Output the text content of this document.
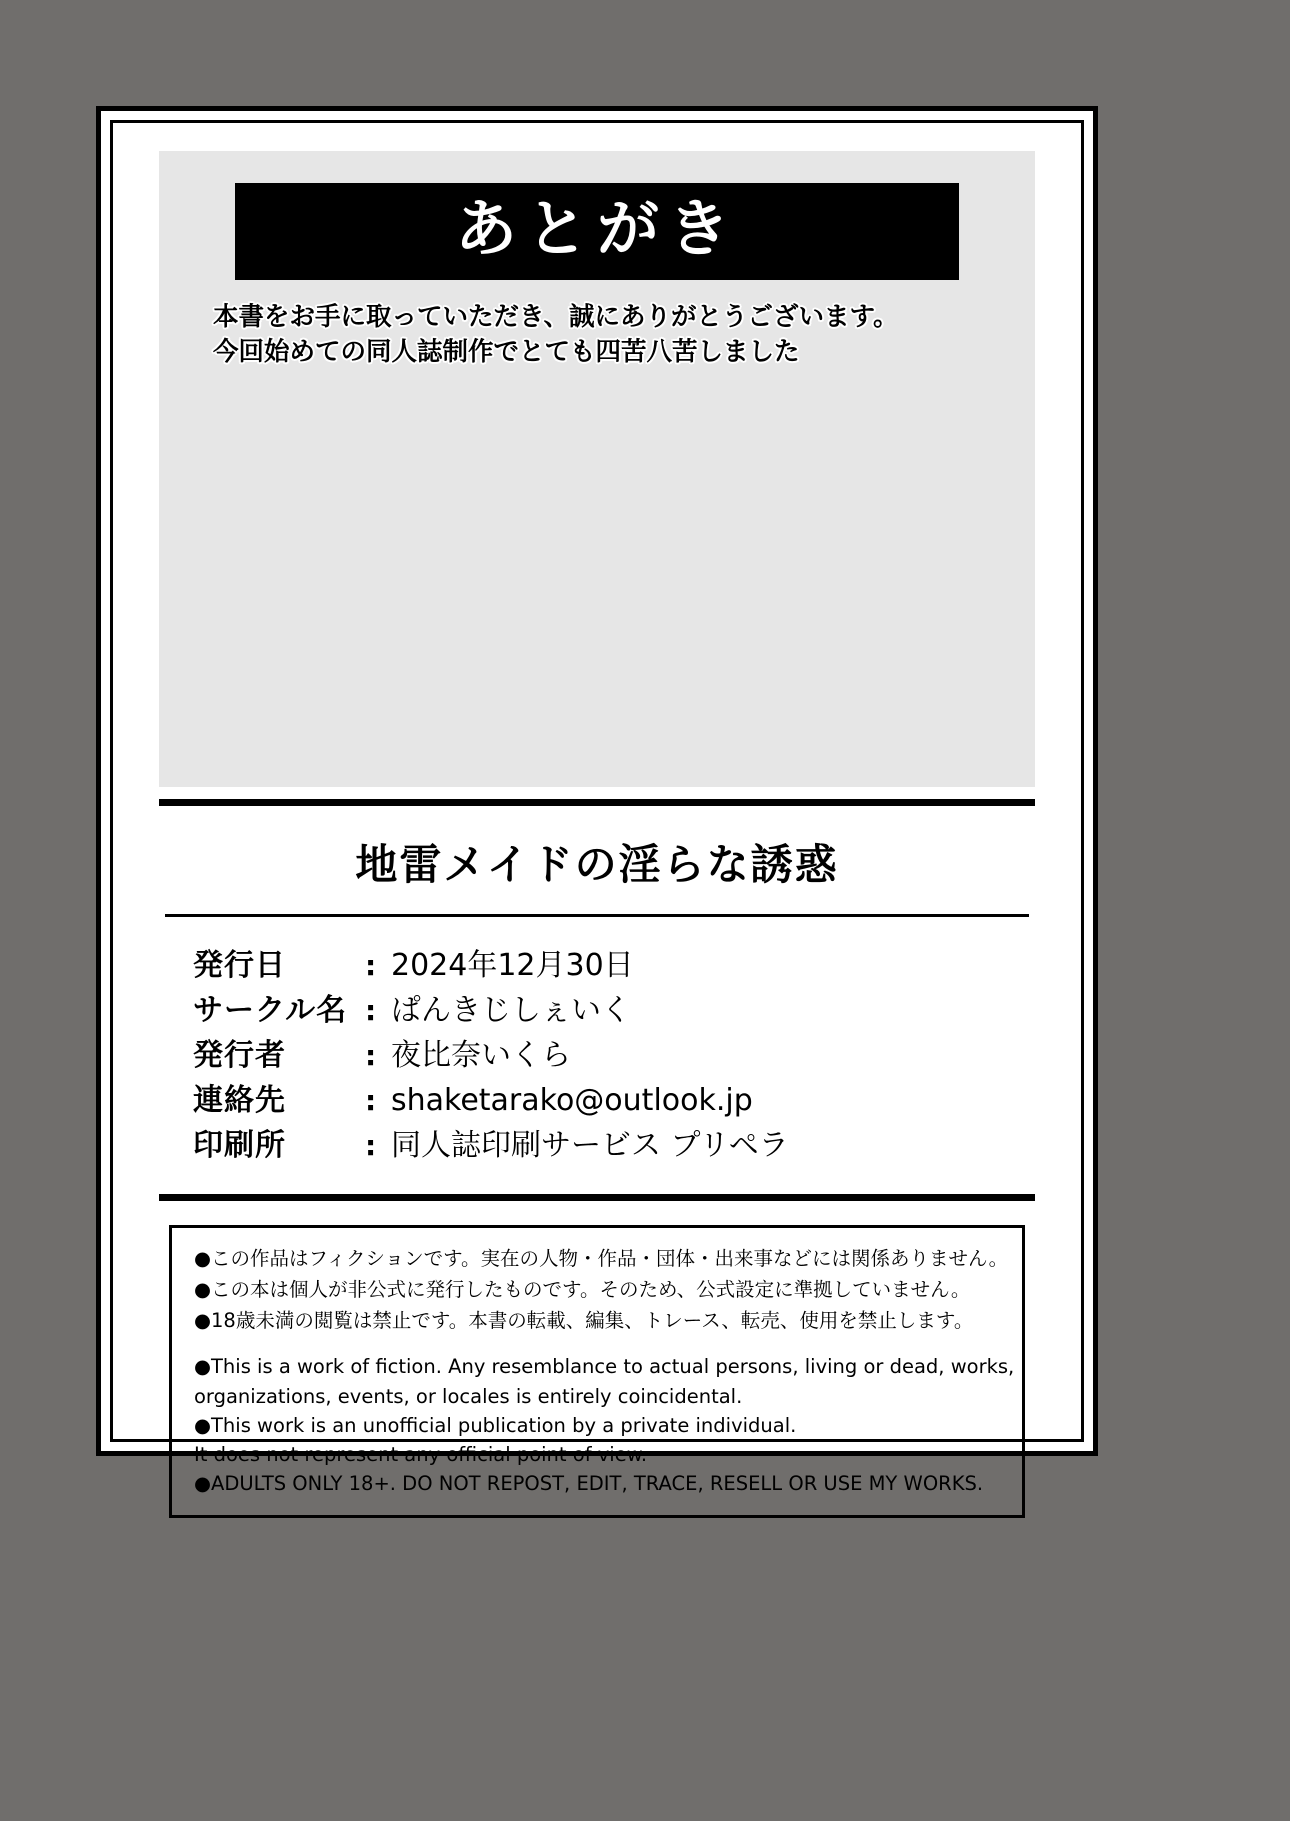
あとがき
本書をお手に取っていただき、誠にありがとうございます。
今回始めての同人誌制作でとても四苦八苦しました
地雷メイドの淫らな誘惑
発行日	: 2024年12月30日
サークル名 : ぱんきじしぇいく
発行者	: 夜比奈いくら
連絡先	: shaketarako@outlook.jp
印刷所	: 同人誌印刷サービス プリペラ
●この作品はフィクションです。実在の人物・作品・団体・出来事などには関係ありません。
●この本は個人が非公式に発行したものです。そのため、公式設定に準拠していません。
●18歳未満の閲覧は禁止です。本書の転載、編集、トレース、転売、使用を禁止します。
●This is a work of fiction. Any resemblance to actual persons, living or dead, works,
organizations, events, or locales is entirely coincidental.
●This work is an unofficial publication by a private individual.
It does not represent any official point of view.
●ADULTS ONLY 18+. DO NOT REPOST, EDIT, TRACE, RESELL OR USE MY WORKS.
